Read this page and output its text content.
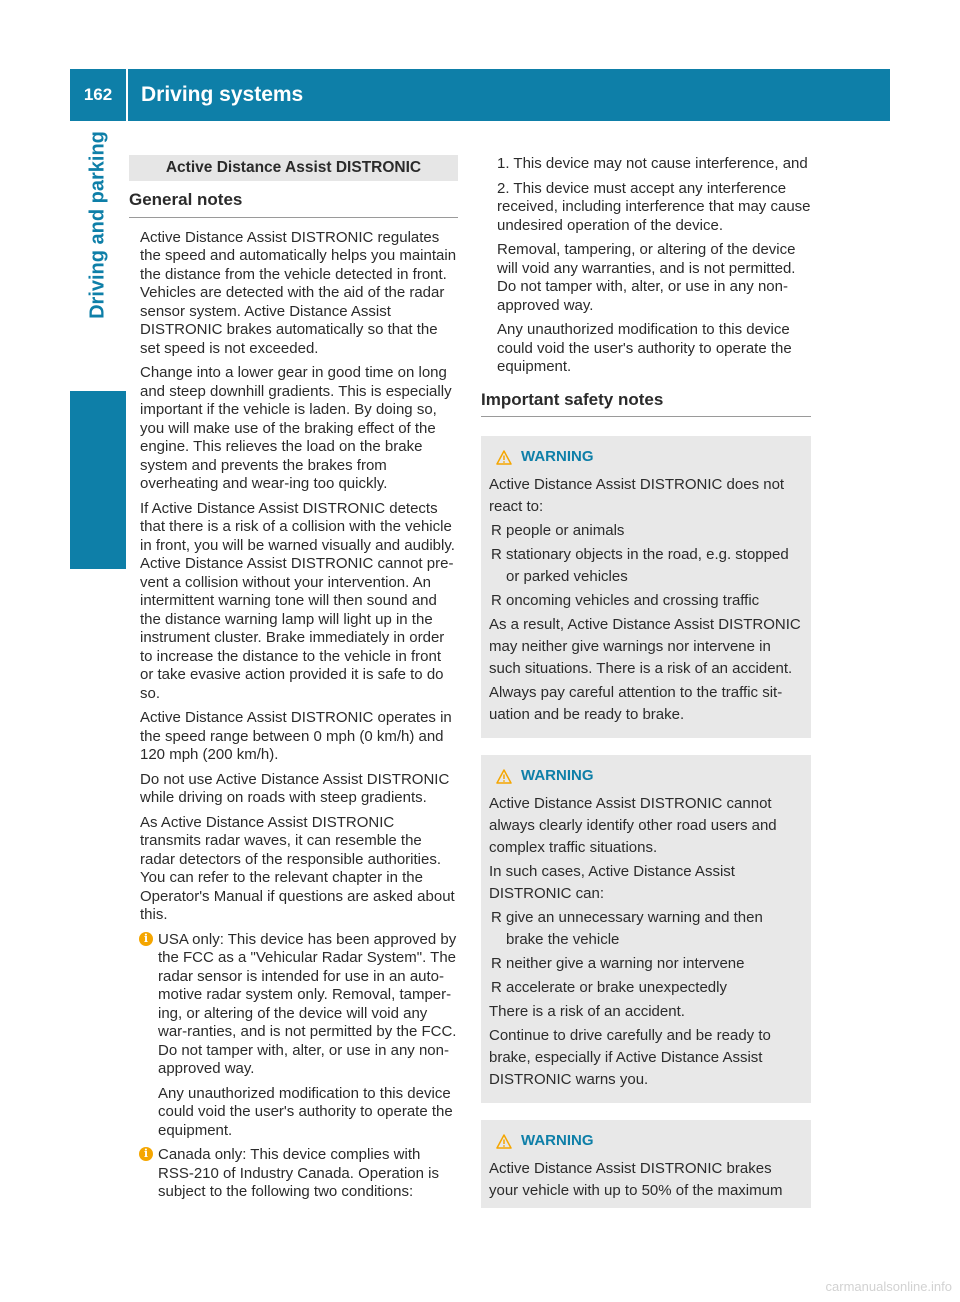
162	Driving systems
Driving and parking	Active Distance Assist DISTRONIC
General notes

Active Distance Assist DISTRONIC regulates the speed and automatically helps you maintain the distance from the vehicle detected in front. Vehicles are detected with the aid of the radar sensor system. Active Distance Assist DISTRONIC brakes automatically so that the set speed is not exceeded.

Change into a lower gear in good time on long and steep downhill gradients. This is especially important if the vehicle is laden. By doing so, you will make use of the braking effect of the engine. This relieves the load on the brake system and prevents the brakes from overheating and wear-ing too quickly.

If Active Distance Assist DISTRONIC detects that there is a risk of a collision with the vehicle in front, you will be warned visually and audibly. Active Distance Assist DISTRONIC cannot pre-vent a collision without your intervention. An intermittent warning tone will then sound and the distance warning lamp will light up in the instrument cluster. Brake immediately in order to increase the distance to the vehicle in front or take evasive action provided it is safe to do so.

Active Distance Assist DISTRONIC operates in the speed range between 0 mph (0 km/h) and 120 mph (200 km/h).

Do not use Active Distance Assist DISTRONIC while driving on roads with steep gradients.

As Active Distance Assist DISTRONIC transmits radar waves, it can resemble the radar detectors of the responsible authorities. You can refer to the relevant chapter in the Operator's Manual if questions are asked about this.

i USA only: This device has been approved by the FCC as a "Vehicular Radar System". The radar sensor is intended for use in an auto-motive radar system only. Removal, tamper-ing, or altering of the device will void any war-ranties, and is not permitted by the FCC. Do not tamper with, alter, or use in any non-approved way.

Any unauthorized modification to this device could void the user's authority to operate the equipment.

i Canada only: This device complies with RSS-210 of Industry Canada. Operation is subject to the following two conditions:

1. This device may not cause interference, and

2. This device must accept any interference received, including interference that may cause undesired operation of the device.

Removal, tampering, or altering of the device will void any warranties, and is not permitted. Do not tamper with, alter, or use in any non-approved way.

Any unauthorized modification to this device could void the user's authority to operate the equipment.

Important safety notes
WARNING

Active Distance Assist DISTRONIC does not react to:

R people or animals
R stationary objects in the road, e.g. stopped or parked vehicles
R oncoming vehicles and crossing traffic

As a result, Active Distance Assist DISTRONIC may neither give warnings nor intervene in such situations. There is a risk of an accident.

Always pay careful attention to the traffic sit-uation and be ready to brake.

WARNING

Active Distance Assist DISTRONIC cannot always clearly identify other road users and complex traffic situations.

In such cases, Active Distance Assist DISTRONIC can:

R give an unnecessary warning and then brake the vehicle
R neither give a warning nor intervene
R accelerate or brake unexpectedly

There is a risk of an accident.

Continue to drive carefully and be ready to brake, especially if Active Distance Assist DISTRONIC warns you.

WARNING

Active Distance Assist DISTRONIC brakes your vehicle with up to 50% of the maximum

carmanualsonline.info
